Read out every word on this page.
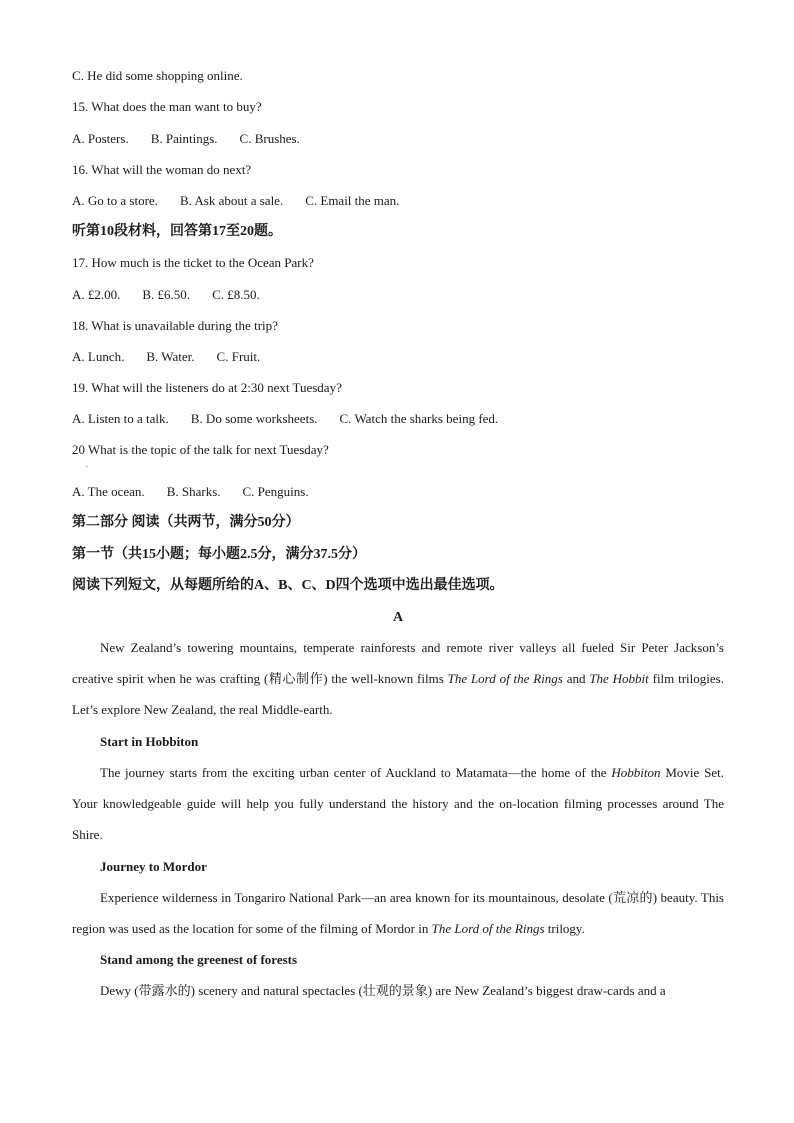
C. He did some shopping online.
15. What does the man want to buy?
A. Posters. B. Paintings. C. Brushes.
16. What will the woman do next?
A. Go to a store. B. Ask about a sale. C. Email the man.
听第10段材料，回答第17至20题。
17. How much is the ticket to the Ocean Park?
A. £2.00. B. £6.50. C. £8.50.
18. What is unavailable during the trip?
A. Lunch. B. Water. C. Fruit.
19. What will the listeners do at 2:30 next Tuesday?
A. Listen to a talk. B. Do some worksheets. C. Watch the sharks being fed.
20 What is the topic of the talk for next Tuesday?
.
A. The ocean. B. Sharks. C. Penguins.
第二部分 阅读（共两节，满分50分）
第一节（共15小题；每小题2.5分，满分37.5分）
阅读下列短文，从每题所给的A、B、C、D四个选项中选出最佳选项。
A
New Zealand’s towering mountains, temperate rainforests and remote river valleys all fueled Sir Peter Jackson’s creative spirit when he was crafting (精心制作) the well-known films The Lord of the Rings and The Hobbit film trilogies. Let’s explore New Zealand, the real Middle-earth.
Start in Hobbiton
The journey starts from the exciting urban center of Auckland to Matamata—the home of the Hobbiton Movie Set. Your knowledgeable guide will help you fully understand the history and the on-location filming processes around The Shire.
Journey to Mordor
Experience wilderness in Tongariro National Park—an area known for its mountainous, desolate (荒凉的) beauty. This region was used as the location for some of the filming of Mordor in The Lord of the Rings trilogy.
Stand among the greenest of forests
Dewy (带露水的) scenery and natural spectacles (壮观的景象) are New Zealand’s biggest draw-cards and a
